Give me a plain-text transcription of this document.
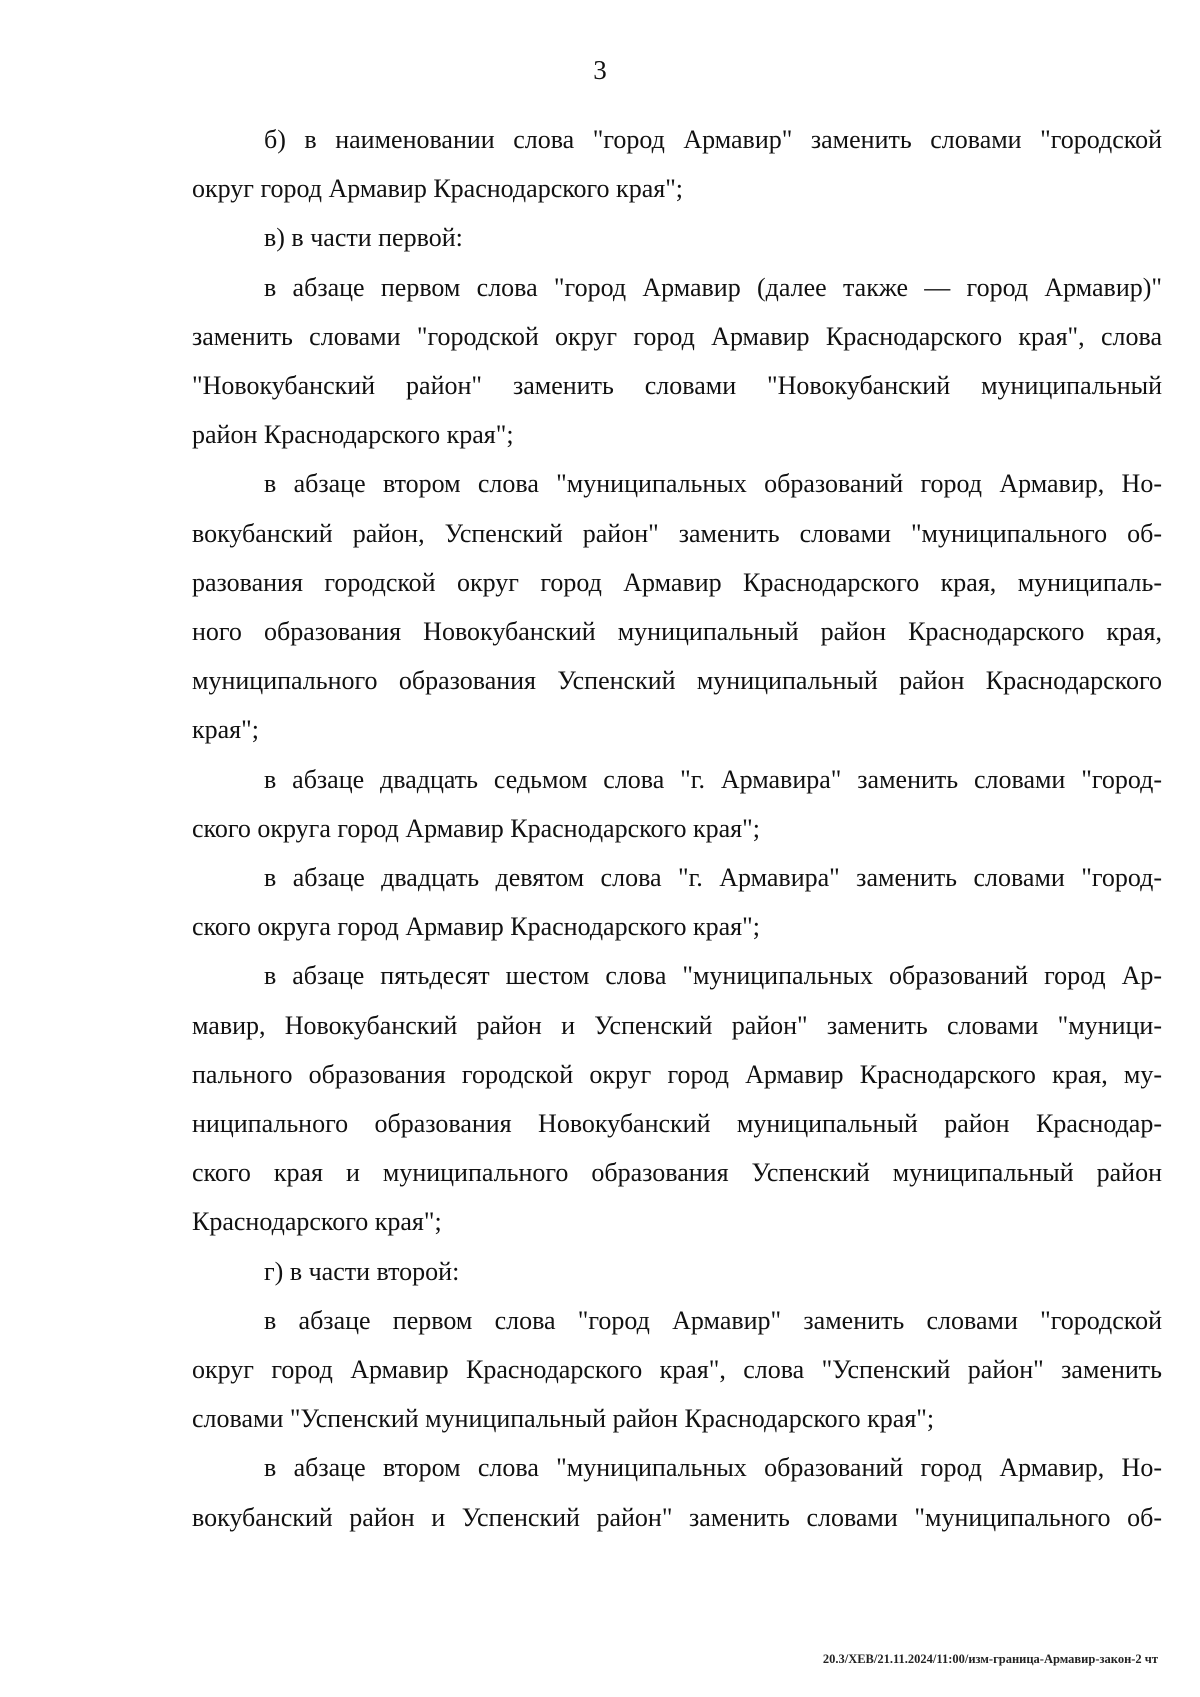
3
б) в наименовании слова "город Армавир" заменить словами "городской
округ город Армавир Краснодарского края";
в) в части первой:
в абзаце первом слова "город Армавир (далее также — город Армавир)"
заменить словами "городской округ город Армавир Краснодарского края", слова
"Новокубанский район" заменить словами "Новокубанский муниципальный
район Краснодарского края";
в абзаце втором слова "муниципальных образований город Армавир, Но-
вокубанский район, Успенский район" заменить словами "муниципального об-
разования городской округ город Армавир Краснодарского края, муниципаль-
ного образования Новокубанский муниципальный район Краснодарского края,
муниципального образования Успенский муниципальный район Краснодарского
края";
в абзаце двадцать седьмом слова "г. Армавира" заменить словами "город-
ского округа город Армавир Краснодарского края";
в абзаце двадцать девятом слова "г. Армавира" заменить словами "город-
ского округа город Армавир Краснодарского края";
в абзаце пятьдесят шестом слова "муниципальных образований город Ар-
мавир, Новокубанский район и Успенский район" заменить словами "муници-
пального образования городской округ город Армавир Краснодарского края, му-
ниципального образования Новокубанский муниципальный район Краснодар-
ского края и муниципального образования Успенский муниципальный район
Краснодарского края";
г) в части второй:
в абзаце первом слова "город Армавир" заменить словами "городской
округ город Армавир Краснодарского края", слова "Успенский район" заменить
словами "Успенский муниципальный район Краснодарского края";
в абзаце втором слова "муниципальных образований город Армавир, Но-
вокубанский район и Успенский район" заменить словами "муниципального об-
20.3/ХЕВ/21.11.2024/11:00/изм-граница-Армавир-закон-2 чт
